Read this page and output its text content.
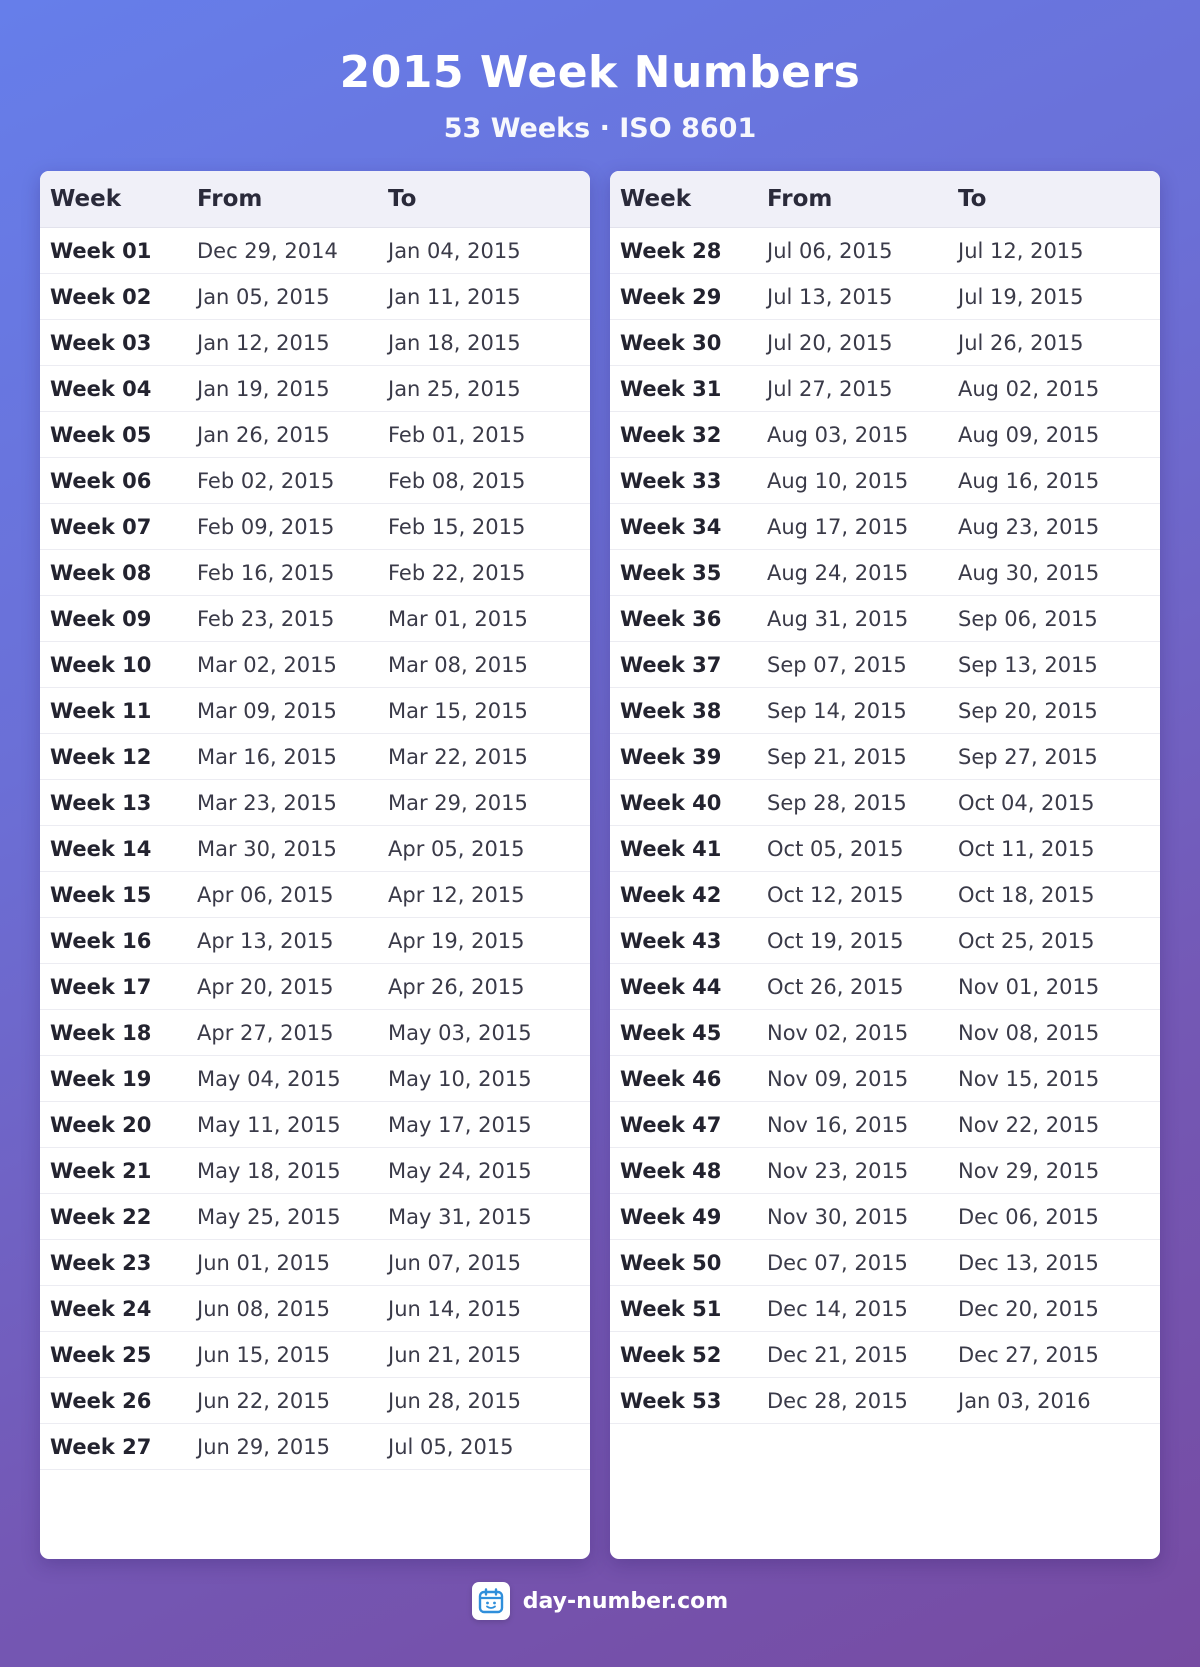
2015 Week Numbers
53 Weeks · ISO 8601
Week	From	To
Week 01	Dec 29, 2014	Jan 04, 2015
Week 02	Jan 05, 2015	Jan 11, 2015
Week 03	Jan 12, 2015	Jan 18, 2015
Week 04	Jan 19, 2015	Jan 25, 2015
Week 05	Jan 26, 2015	Feb 01, 2015
Week 06	Feb 02, 2015	Feb 08, 2015
Week 07	Feb 09, 2015	Feb 15, 2015
Week 08	Feb 16, 2015	Feb 22, 2015
Week 09	Feb 23, 2015	Mar 01, 2015
Week 10	Mar 02, 2015	Mar 08, 2015
Week 11	Mar 09, 2015	Mar 15, 2015
Week 12	Mar 16, 2015	Mar 22, 2015
Week 13	Mar 23, 2015	Mar 29, 2015
Week 14	Mar 30, 2015	Apr 05, 2015
Week 15	Apr 06, 2015	Apr 12, 2015
Week 16	Apr 13, 2015	Apr 19, 2015
Week 17	Apr 20, 2015	Apr 26, 2015
Week 18	Apr 27, 2015	May 03, 2015
Week 19	May 04, 2015	May 10, 2015
Week 20	May 11, 2015	May 17, 2015
Week 21	May 18, 2015	May 24, 2015
Week 22	May 25, 2015	May 31, 2015
Week 23	Jun 01, 2015	Jun 07, 2015
Week 24	Jun 08, 2015	Jun 14, 2015
Week 25	Jun 15, 2015	Jun 21, 2015
Week 26	Jun 22, 2015	Jun 28, 2015
Week 27	Jun 29, 2015	Jul 05, 2015
Week	From	To
Week 28	Jul 06, 2015	Jul 12, 2015
Week 29	Jul 13, 2015	Jul 19, 2015
Week 30	Jul 20, 2015	Jul 26, 2015
Week 31	Jul 27, 2015	Aug 02, 2015
Week 32	Aug 03, 2015	Aug 09, 2015
Week 33	Aug 10, 2015	Aug 16, 2015
Week 34	Aug 17, 2015	Aug 23, 2015
Week 35	Aug 24, 2015	Aug 30, 2015
Week 36	Aug 31, 2015	Sep 06, 2015
Week 37	Sep 07, 2015	Sep 13, 2015
Week 38	Sep 14, 2015	Sep 20, 2015
Week 39	Sep 21, 2015	Sep 27, 2015
Week 40	Sep 28, 2015	Oct 04, 2015
Week 41	Oct 05, 2015	Oct 11, 2015
Week 42	Oct 12, 2015	Oct 18, 2015
Week 43	Oct 19, 2015	Oct 25, 2015
Week 44	Oct 26, 2015	Nov 01, 2015
Week 45	Nov 02, 2015	Nov 08, 2015
Week 46	Nov 09, 2015	Nov 15, 2015
Week 47	Nov 16, 2015	Nov 22, 2015
Week 48	Nov 23, 2015	Nov 29, 2015
Week 49	Nov 30, 2015	Dec 06, 2015
Week 50	Dec 07, 2015	Dec 13, 2015
Week 51	Dec 14, 2015	Dec 20, 2015
Week 52	Dec 21, 2015	Dec 27, 2015
Week 53	Dec 28, 2015	Jan 03, 2016
day-number.com
